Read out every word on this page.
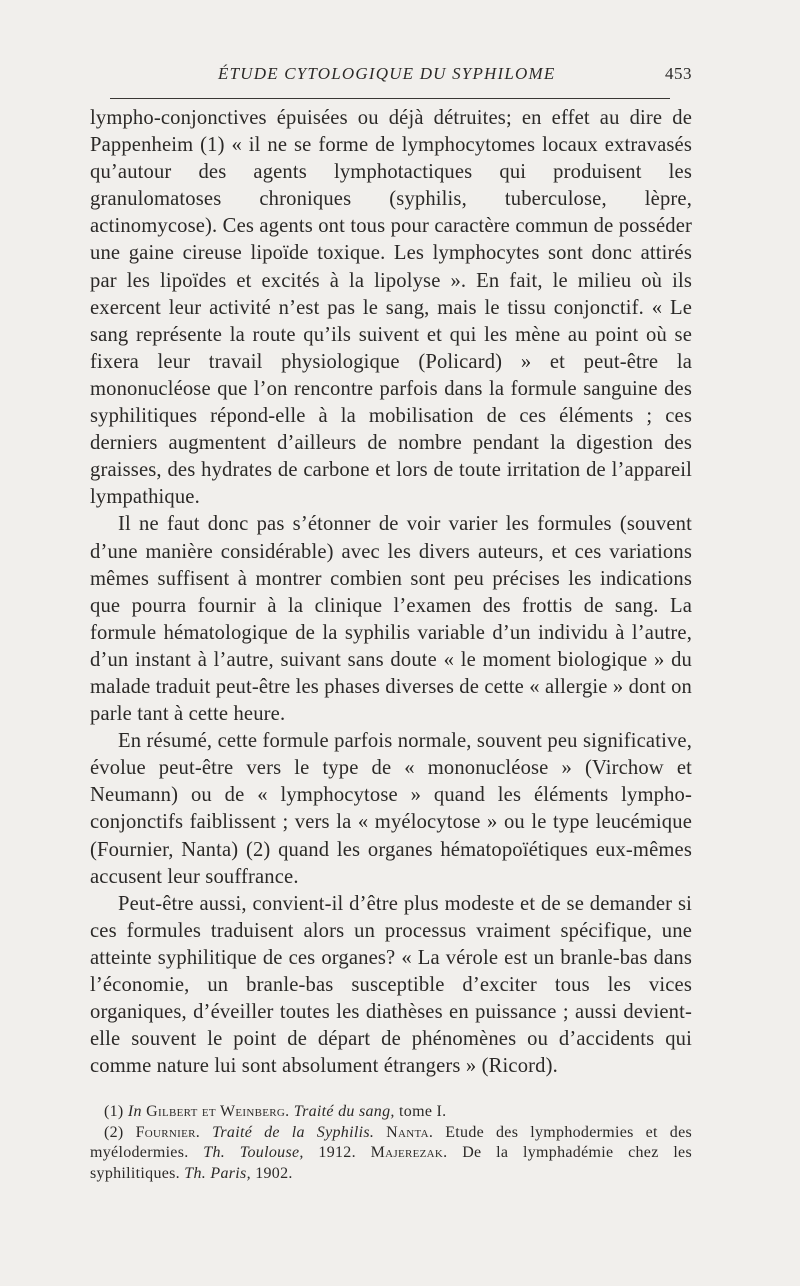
ÉTUDE CYTOLOGIQUE DU SYPHILOME	453

lympho-conjonctives épuisées ou déjà détruites; en effet au dire de Pappenheim (1) « il ne se forme de lymphocytomes locaux extravasés qu’autour des agents lymphotactiques qui produisent les granulomatoses chroniques (syphilis, tuberculose, lèpre, actinomycose). Ces agents ont tous pour caractère commun de posséder une gaine cireuse lipoïde toxique. Les lymphocytes sont donc attirés par les lipoïdes et excités à la lipolyse ». En fait, le milieu où ils exercent leur activité n’est pas le sang, mais le tissu conjonctif. « Le sang représente la route qu’ils suivent et qui les mène au point où se fixera leur travail physiologique (Policard) » et peut-être la mononucléose que l’on rencontre parfois dans la formule sanguine des syphilitiques répond-elle à la mobilisation de ces éléments ; ces derniers augmentent d’ailleurs de nombre pendant la digestion des graisses, des hydrates de carbone et lors de toute irritation de l’appareil lympathique.

Il ne faut donc pas s’étonner de voir varier les formules (souvent d’une manière considérable) avec les divers auteurs, et ces variations mêmes suffisent à montrer combien sont peu précises les indications que pourra fournir à la clinique l’examen des frottis de sang. La formule hématologique de la syphilis variable d’un individu à l’autre, d’un instant à l’autre, suivant sans doute « le moment biologique » du malade traduit peut-être les phases diverses de cette « allergie » dont on parle tant à cette heure.

En résumé, cette formule parfois normale, souvent peu significative, évolue peut-être vers le type de « mononucléose » (Virchow et Neumann) ou de « lymphocytose » quand les éléments lympho-conjonctifs faiblissent ; vers la « myélocytose » ou le type leucémique (Fournier, Nanta) (2) quand les organes hématopoïétiques eux-mêmes accusent leur souffrance.

Peut-être aussi, convient-il d’être plus modeste et de se demander si ces formules traduisent alors un processus vraiment spécifique, une atteinte syphilitique de ces organes? « La vérole est un branle-bas dans l’économie, un branle-bas susceptible d’exciter tous les vices organiques, d’éveiller toutes les diathèses en puissance ; aussi devient-elle souvent le point de départ de phénomènes ou d’accidents qui comme nature lui sont absolument étrangers » (Ricord).

(1) In Gilbert et Weinberg. Traité du sang, tome I.

(2) Fournier. Traité de la Syphilis. Nanta. Etude des lymphodermies et des myélodermies. Th. Toulouse, 1912. Majerezak. De la lymphadémie chez les syphilitiques. Th. Paris, 1902.
